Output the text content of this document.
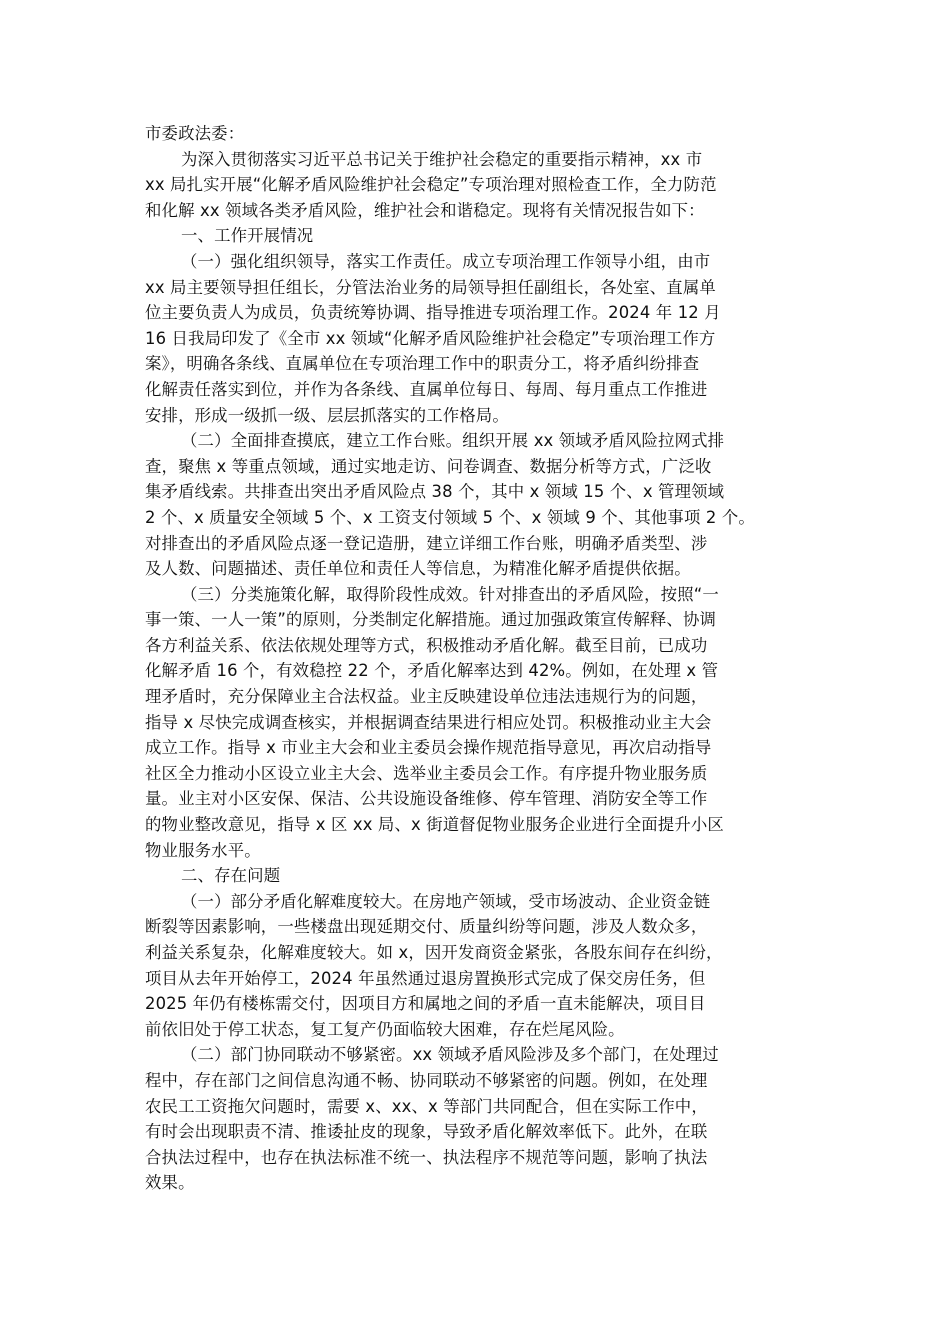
市委政法委：
为深入贯彻落实习近平总书记关于维护社会稳定的重要指示精神，xx 市
xx 局扎实开展“化解矛盾风险维护社会稳定”专项治理对照检查工作，全力防范
和化解 xx 领域各类矛盾风险，维护社会和谐稳定。现将有关情况报告如下：
一、工作开展情况
（一）强化组织领导，落实工作责任。成立专项治理工作领导小组，由市
xx 局主要领导担任组长，分管法治业务的局领导担任副组长，各处室、直属单
位主要负责人为成员，负责统筹协调、指导推进专项治理工作。2024 年 12 月
16 日我局印发了《全市 xx 领域“化解矛盾风险维护社会稳定”专项治理工作方
案》，明确各条线、直属单位在专项治理工作中的职责分工，将矛盾纠纷排查
化解责任落实到位，并作为各条线、直属单位每日、每周、每月重点工作推进
安排，形成一级抓一级、层层抓落实的工作格局。
（二）全面排查摸底，建立工作台账。组织开展 xx 领域矛盾风险拉网式排
查，聚焦 x 等重点领域，通过实地走访、问卷调查、数据分析等方式，广泛收
集矛盾线索。共排查出突出矛盾风险点 38 个，其中 x 领域 15 个、x 管理领域
2 个、x 质量安全领域 5 个、x 工资支付领域 5 个、x 领域 9 个、其他事项 2 个。
对排查出的矛盾风险点逐一登记造册，建立详细工作台账，明确矛盾类型、涉
及人数、问题描述、责任单位和责任人等信息，为精准化解矛盾提供依据。
（三）分类施策化解，取得阶段性成效。针对排查出的矛盾风险，按照“一
事一策、一人一策”的原则，分类制定化解措施。通过加强政策宣传解释、协调
各方利益关系、依法依规处理等方式，积极推动矛盾化解。截至目前，已成功
化解矛盾 16 个，有效稳控 22 个，矛盾化解率达到 42%。例如，在处理 x 管
理矛盾时，充分保障业主合法权益。业主反映建设单位违法违规行为的问题，
指导 x 尽快完成调查核实，并根据调查结果进行相应处罚。积极推动业主大会
成立工作。指导 x 市业主大会和业主委员会操作规范指导意见，再次启动指导
社区全力推动小区设立业主大会、选举业主委员会工作。有序提升物业服务质
量。业主对小区安保、保洁、公共设施设备维修、停车管理、消防安全等工作
的物业整改意见，指导 x 区 xx 局、x 街道督促物业服务企业进行全面提升小区
物业服务水平。
二、存在问题
（一）部分矛盾化解难度较大。在房地产领域，受市场波动、企业资金链
断裂等因素影响，一些楼盘出现延期交付、质量纠纷等问题，涉及人数众多，
利益关系复杂，化解难度较大。如 x，因开发商资金紧张，各股东间存在纠纷，
项目从去年开始停工，2024 年虽然通过退房置换形式完成了保交房任务，但
2025 年仍有楼栋需交付，因项目方和属地之间的矛盾一直未能解决，项目目
前依旧处于停工状态，复工复产仍面临较大困难，存在烂尾风险。
（二）部门协同联动不够紧密。xx 领域矛盾风险涉及多个部门，在处理过
程中，存在部门之间信息沟通不畅、协同联动不够紧密的问题。例如，在处理
农民工工资拖欠问题时，需要 x、xx、x 等部门共同配合，但在实际工作中，
有时会出现职责不清、推诿扯皮的现象，导致矛盾化解效率低下。此外，在联
合执法过程中，也存在执法标准不统一、执法程序不规范等问题，影响了执法
效果。
